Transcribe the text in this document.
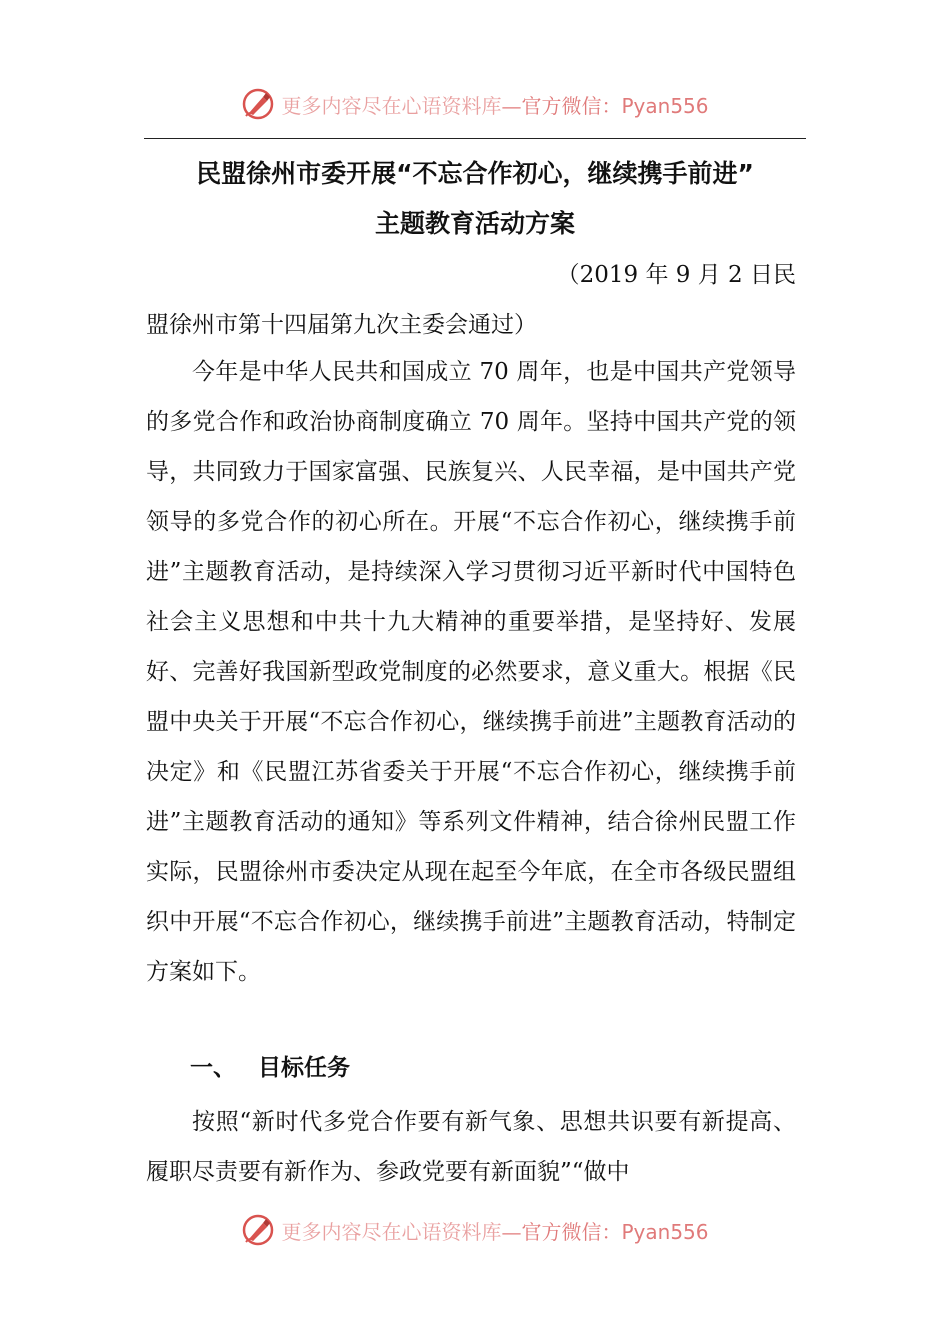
更多内容尽在心语资料库—官方微信：Pyan556
民盟徐州市委开展“不忘合作初心，继续携手前进”
主题教育活动方案
（2019 年 9 月 2 日民
盟徐州市第十四届第九次主委会通过）
今年是中华人民共和国成立 70 周年，也是中国共产党领导的多党合作和政治协商制度确立 70 周年。坚持中国共产党的领导，共同致力于国家富强、民族复兴、人民幸福，是中国共产党领导的多党合作的初心所在。开展“不忘合作初心，继续携手前进”主题教育活动，是持续深入学习贯彻习近平新时代中国特色社会主义思想和中共十九大精神的重要举措，是坚持好、发展好、完善好我国新型政党制度的必然要求，意义重大。根据《民盟中央关于开展“不忘合作初心，继续携手前进”主题教育活动的决定》和《民盟江苏省委关于开展“不忘合作初心，继续携手前进”主题教育活动的通知》等系列文件精神，结合徐州民盟工作实际，民盟徐州市委决定从现在起至今年底，在全市各级民盟组织中开展“不忘合作初心，继续携手前进”主题教育活动，特制定方案如下。
一、 目标任务
按照“新时代多党合作要有新气象、思想共识要有新提高、履职尽责要有新作为、参政党要有新面貌”“做中
更多内容尽在心语资料库—官方微信：Pyan556
